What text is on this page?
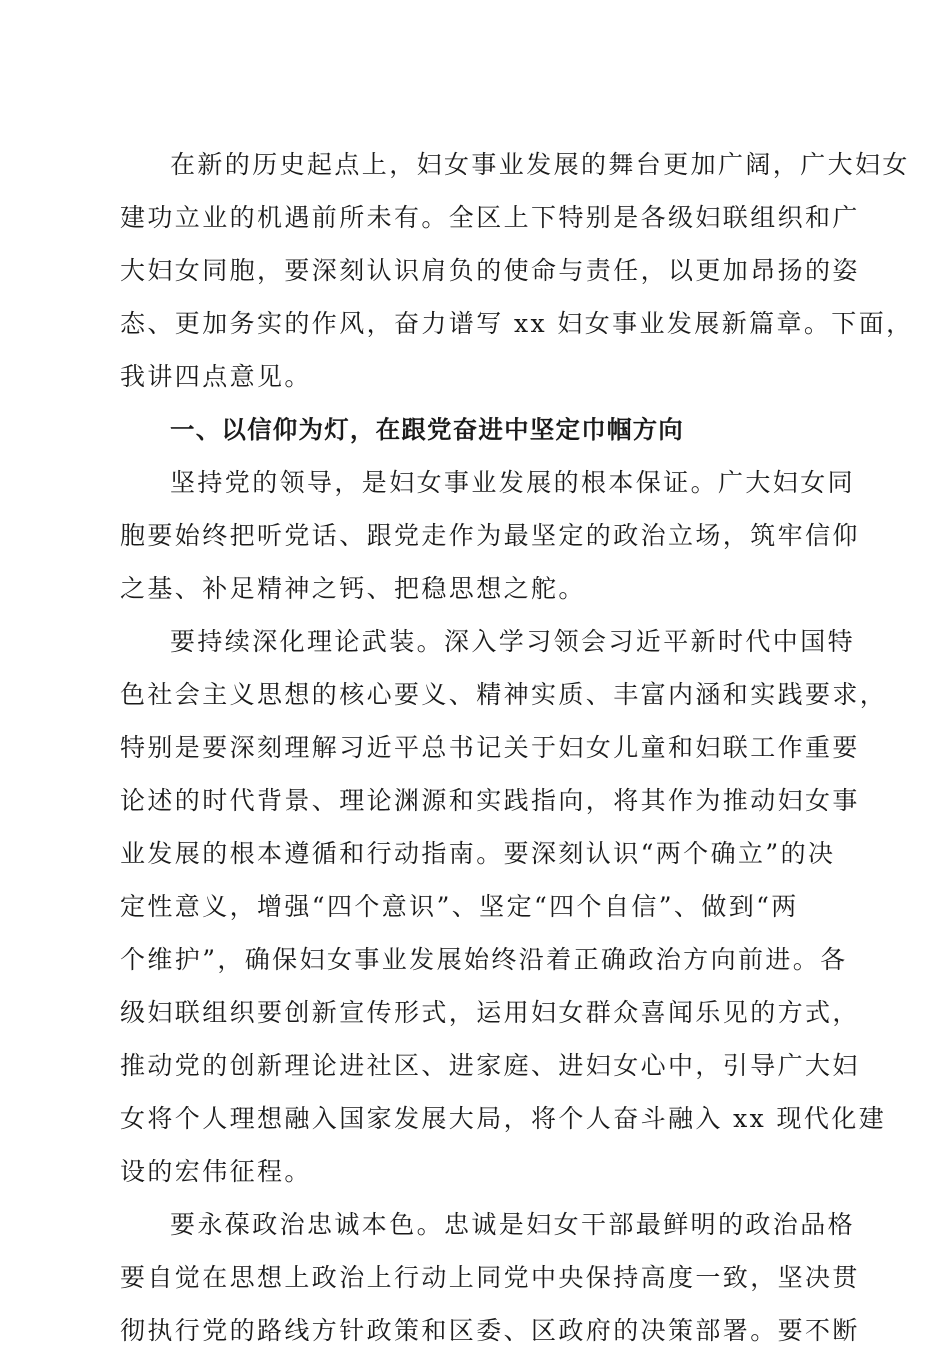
在新的历史起点上，妇女事业发展的舞台更加广阔，广大妇女
建功立业的机遇前所未有。全区上下特别是各级妇联组织和广
大妇女同胞，要深刻认识肩负的使命与责任，以更加昂扬的姿
态、更加务实的作风，奋力谱写 xx 妇女事业发展新篇章。下面，
我讲四点意见。
一、以信仰为灯，在跟党奋进中坚定巾帼方向
坚持党的领导，是妇女事业发展的根本保证。广大妇女同
胞要始终把听党话、跟党走作为最坚定的政治立场，筑牢信仰
之基、补足精神之钙、把稳思想之舵。
要持续深化理论武装。深入学习领会习近平新时代中国特
色社会主义思想的核心要义、精神实质、丰富内涵和实践要求，
特别是要深刻理解习近平总书记关于妇女儿童和妇联工作重要
论述的时代背景、理论渊源和实践指向，将其作为推动妇女事
业发展的根本遵循和行动指南。要深刻认识“两个确立”的决
定性意义，增强“四个意识”、坚定“四个自信”、做到“两
个维护”，确保妇女事业发展始终沿着正确政治方向前进。各
级妇联组织要创新宣传形式，运用妇女群众喜闻乐见的方式，
推动党的创新理论进社区、进家庭、进妇女心中，引导广大妇
女将个人理想融入国家发展大局，将个人奋斗融入 xx 现代化建
设的宏伟征程。
要永葆政治忠诚本色。忠诚是妇女干部最鲜明的政治品格
要自觉在思想上政治上行动上同党中央保持高度一致，坚决贯
彻执行党的路线方针政策和区委、区政府的决策部署。要不断
